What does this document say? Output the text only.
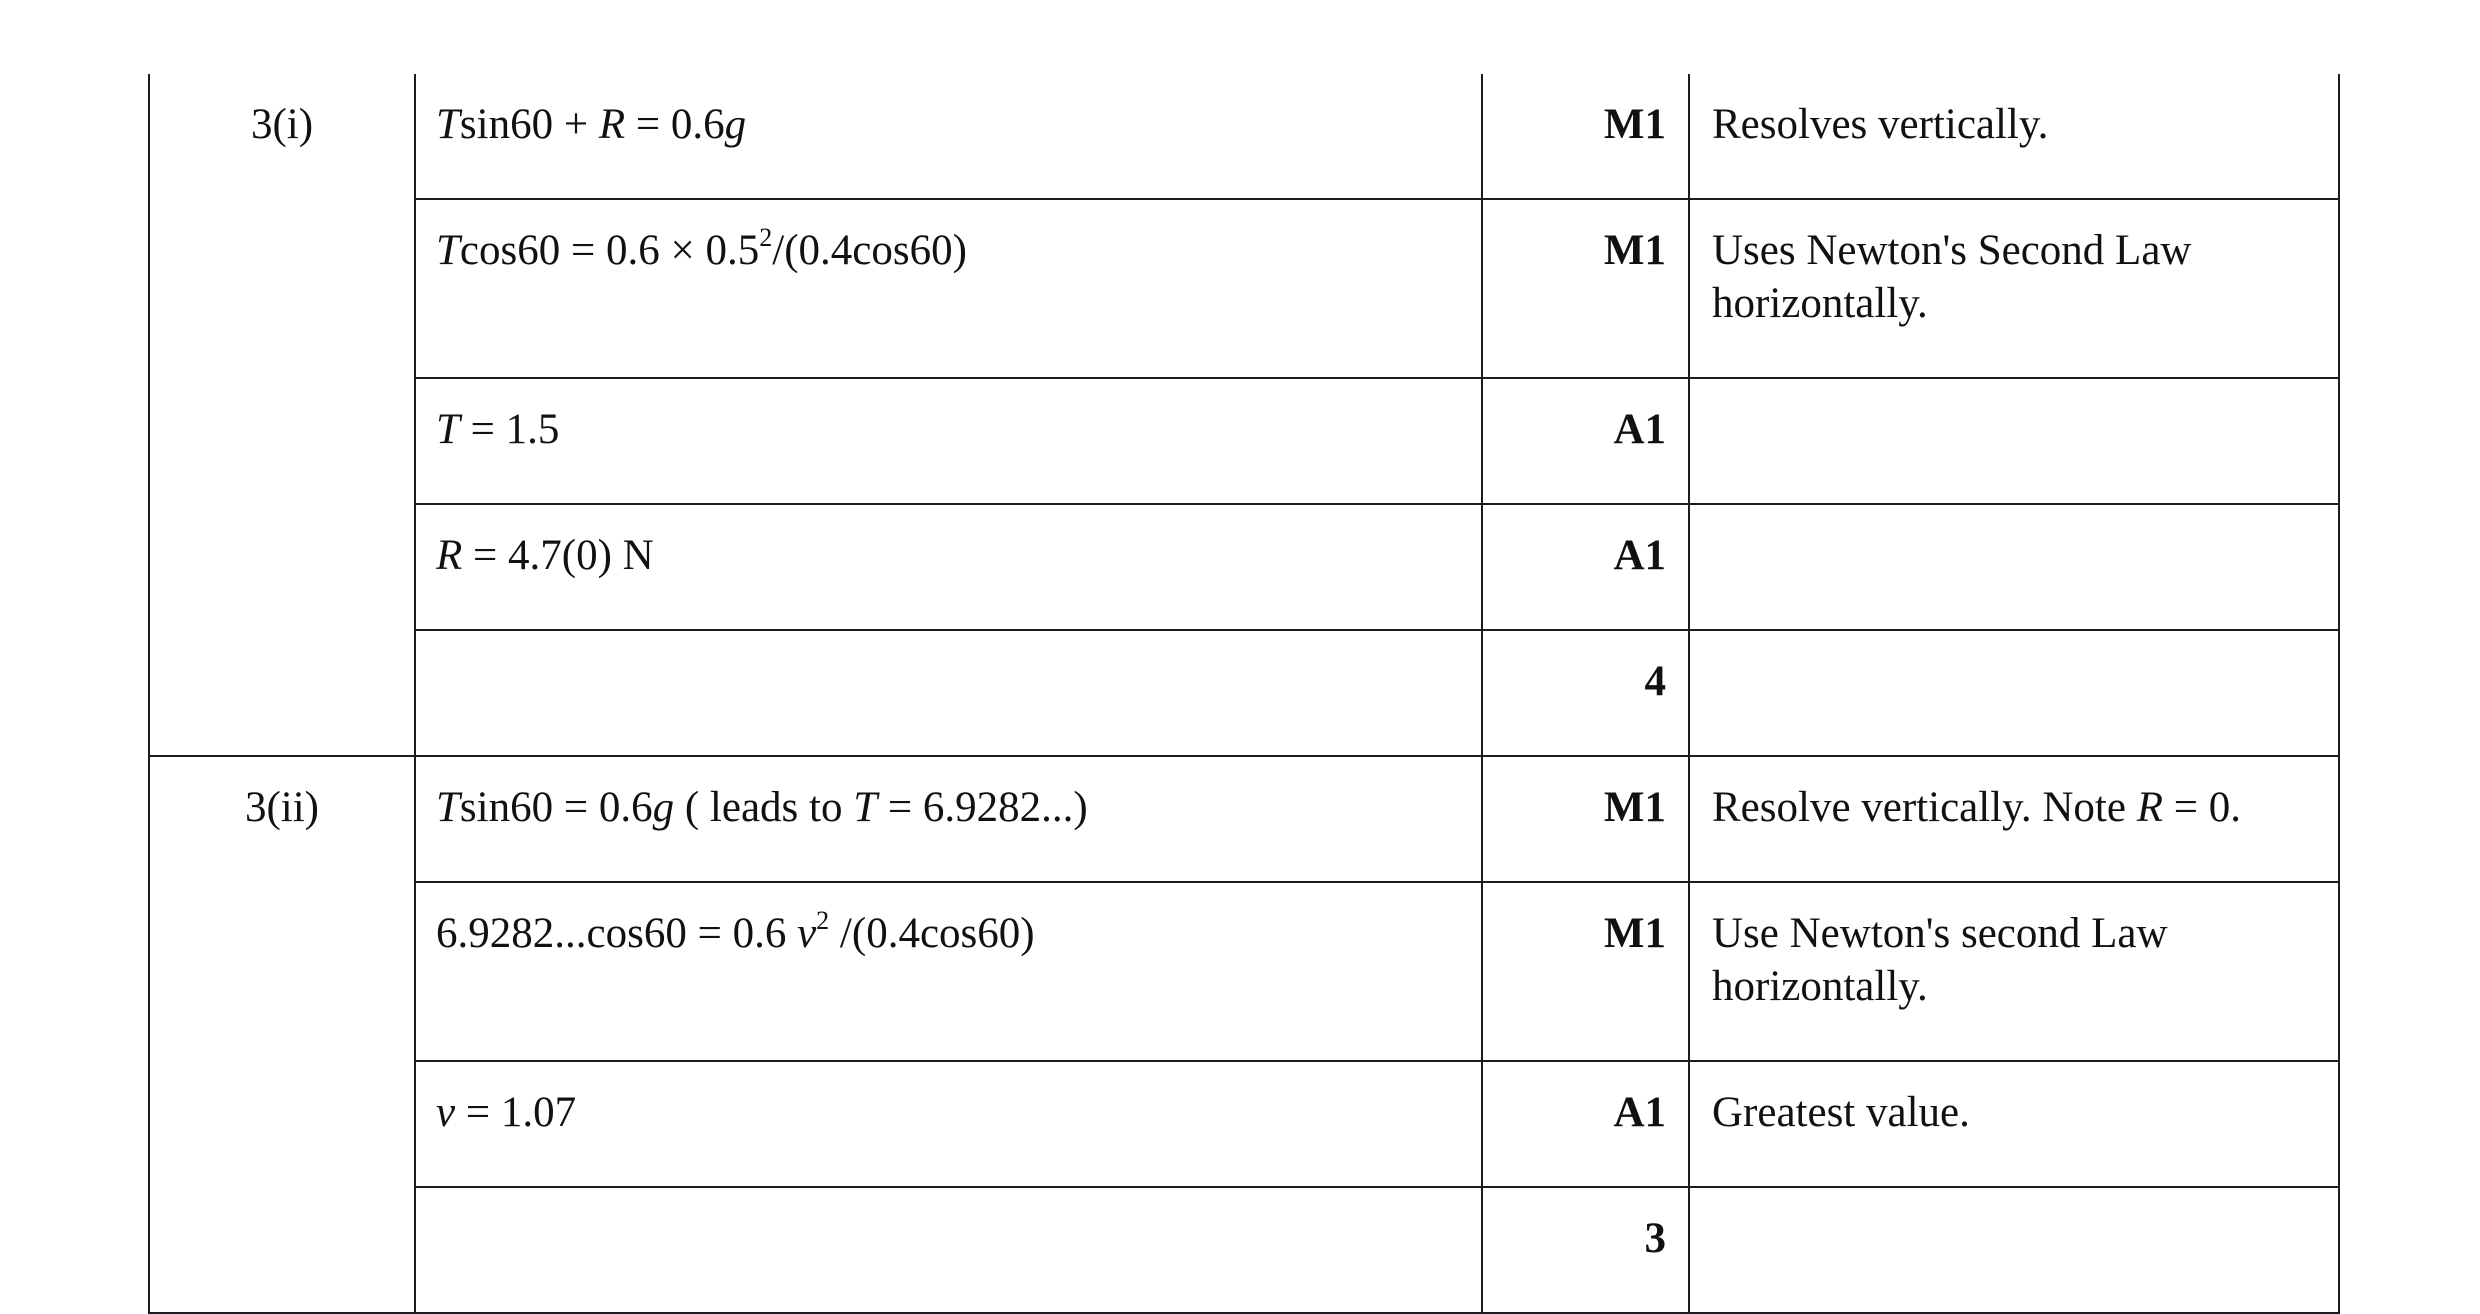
3(i)	Tsin60 + R = 0.6g	M1	Resolves vertically.
	$Tcos60 = 0.6 \times 0.5^2/(0.4\cos 60)$	M1	Uses Newton's Second Law horizontally.
	T = 1.5	A1	
	R = 4.7(0) N	A1	
		4	
3(ii)	Tsin60 = 0.6g ( leads to T = 6.9282...)	M1	Resolve vertically. Note R = 0.
	6.9282...cos60 = 0.6 $v^2$ /(0.4cos60)	M1	Use Newton's second Law horizontally.
	v = 1.07	A1	Greatest value.
		3	
